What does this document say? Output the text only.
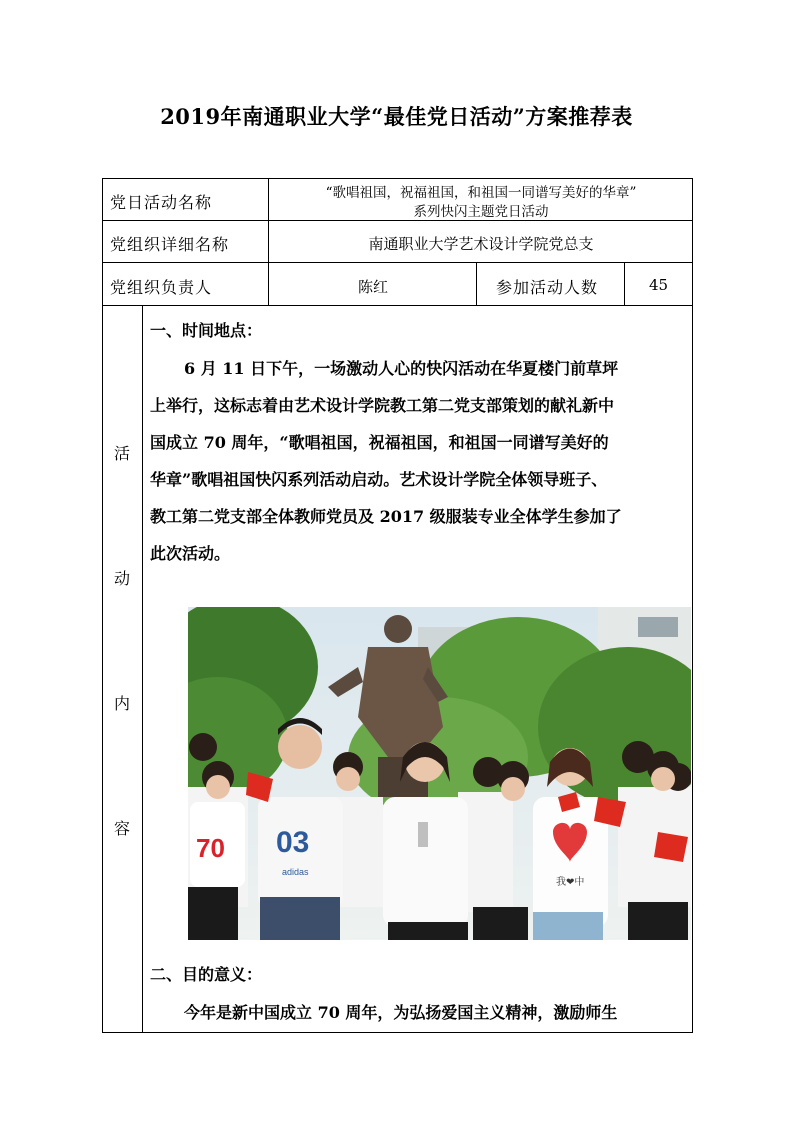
2019年南通职业大学“最佳党日活动”方案推荐表
党日活动名称	“歌唱祖国，祝福祖国，和祖国一同谱写美好的华章”
系列快闪主题党日活动
党组织详细名称	南通职业大学艺术设计学院党总支
党组织负责人	陈红	参加活动人数	45
活
动
内
容
一、时间地点：
6 月 11 日下午，一场激动人心的快闪活动在华夏楼门前草坪
上举行，这标志着由艺术设计学院教工第二党支部策划的献礼新中
国成立 70 周年，“歌唱祖国，祝福祖国，和祖国一同谱写美好的
华章”歌唱祖国快闪系列活动启动。艺术设计学院全体领导班子、
教工第二党支部全体教师党员及 2017 级服装专业全体学生参加了
此次活动。
03
adidas
我❤中
70
二、目的意义：
今年是新中国成立 70 周年，为弘扬爱国主义精神，激励师生
